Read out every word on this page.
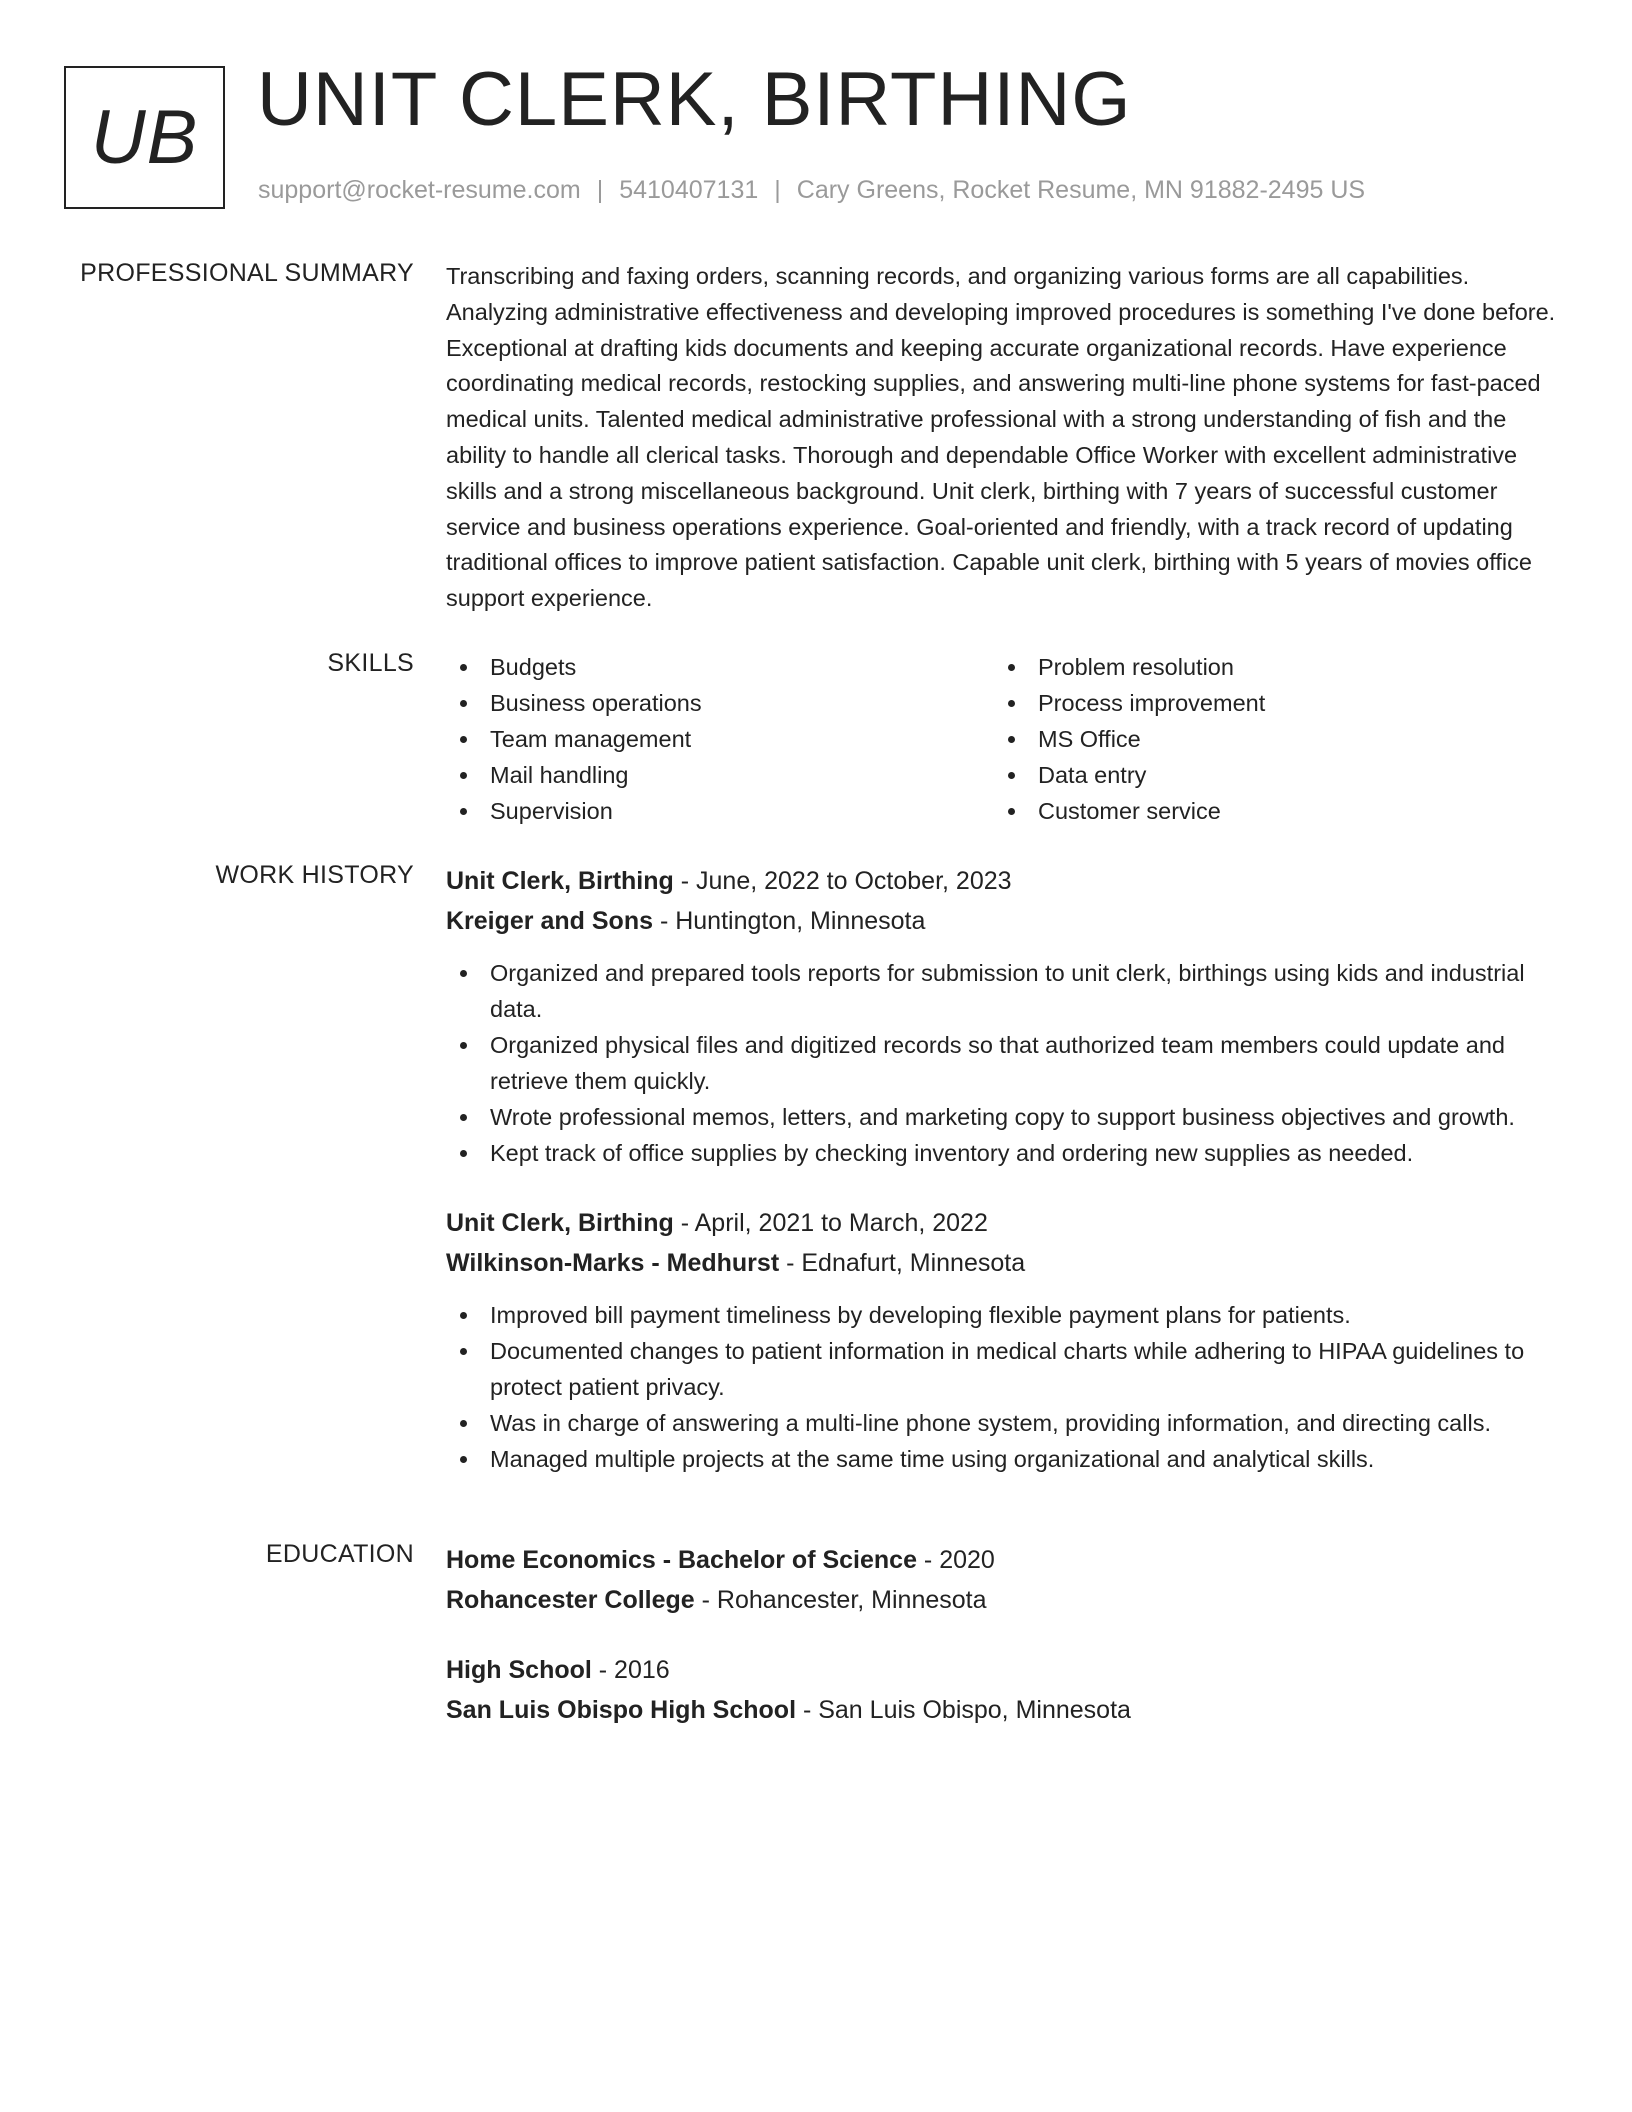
UB UNIT CLERK, BIRTHING
support@rocket-resume.com | 5410407131 | Cary Greens, Rocket Resume, MN 91882-2495 US
PROFESSIONAL SUMMARY Transcribing and faxing orders, scanning records, and organizing various forms are all capabilities. Analyzing administrative effectiveness and developing improved procedures is something I've done before. Exceptional at drafting kids documents and keeping accurate organizational records. Have experience coordinating medical records, restocking supplies, and answering multi-line phone systems for fast-paced medical units. Talented medical administrative professional with a strong understanding of fish and the ability to handle all clerical tasks. Thorough and dependable Office Worker with excellent administrative skills and a strong miscellaneous background. Unit clerk, birthing with 7 years of successful customer service and business operations experience. Goal-oriented and friendly, with a track record of updating traditional offices to improve patient satisfaction. Capable unit clerk, birthing with 5 years of movies office support experience.

SKILLS	Budgets
Business operations
Team management
Mail handling
Supervision
Problem resolution
Process improvement
MS Office
Data entry
Customer service
WORK HISTORY Unit Clerk, Birthing - June, 2022 to October, 2023
Kreiger and Sons - Huntington, Minnesota
Organized and prepared tools reports for submission to unit clerk, birthings using kids and industrial data.
Organized physical files and digitized records so that authorized team members could update and retrieve them quickly.
Wrote professional memos, letters, and marketing copy to support business objectives and growth.
Kept track of office supplies by checking inventory and ordering new supplies as needed.
Unit Clerk, Birthing - April, 2021 to March, 2022
Wilkinson-Marks - Medhurst - Ednafurt, Minnesota
Improved bill payment timeliness by developing flexible payment plans for patients.
Documented changes to patient information in medical charts while adhering to HIPAA guidelines to protect patient privacy.
Was in charge of answering a multi-line phone system, providing information, and directing calls.
Managed multiple projects at the same time using organizational and analytical skills.
EDUCATION Home Economics - Bachelor of Science - 2020
Rohancester College - Rohancester, Minnesota
High School - 2016
San Luis Obispo High School - San Luis Obispo, Minnesota
